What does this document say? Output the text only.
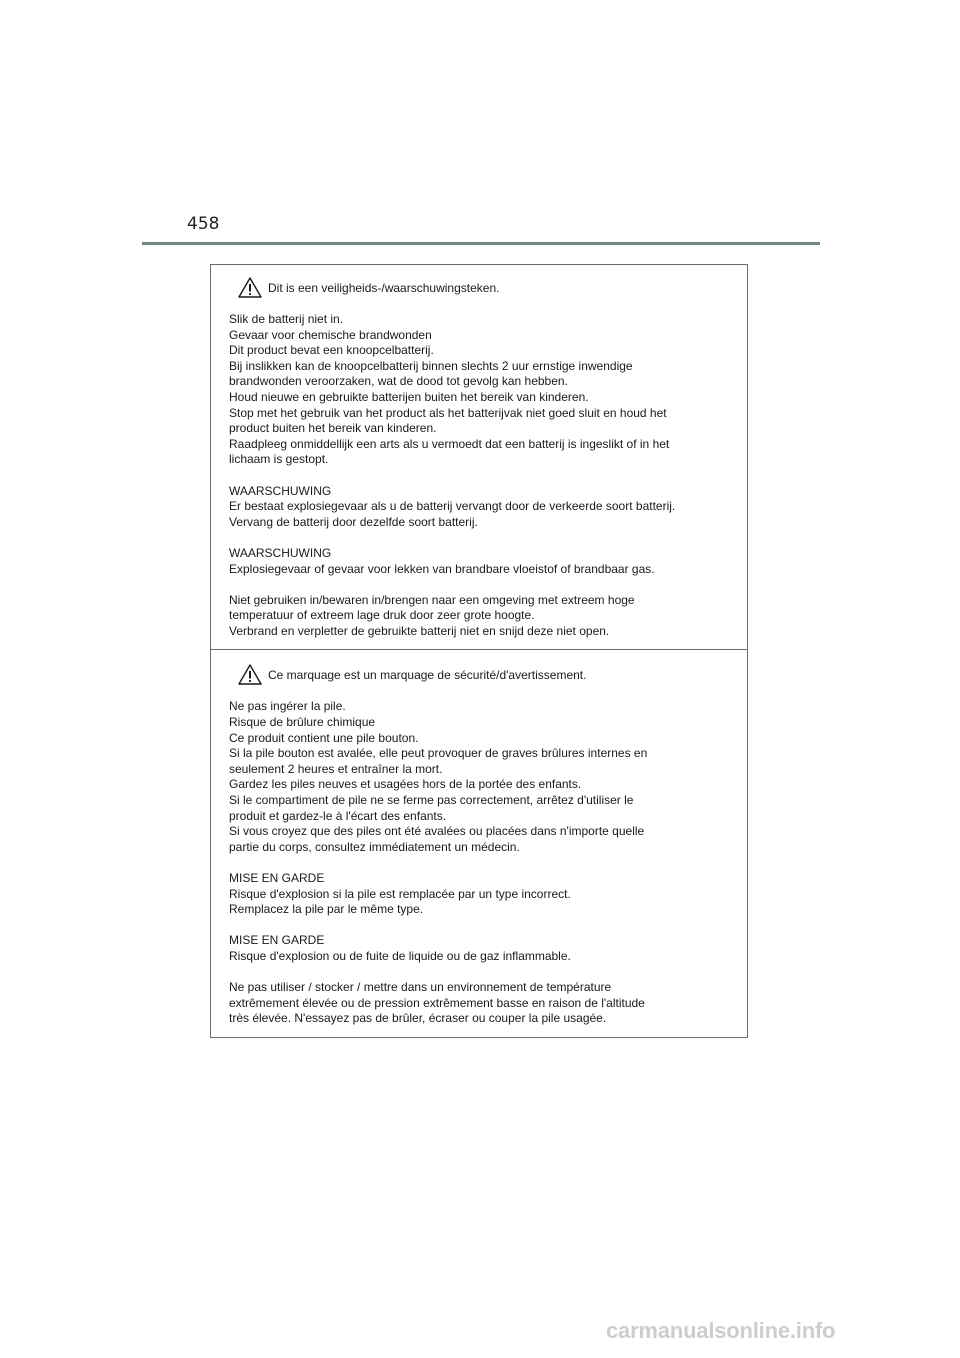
458
Dit is een veiligheids-/waarschuwingsteken.

Slik de batterij niet in.
Gevaar voor chemische brandwonden
Dit product bevat een knoopcelbatterij.
Bij inslikken kan de knoopcelbatterij binnen slechts 2 uur ernstige inwendige
brandwonden veroorzaken, wat de dood tot gevolg kan hebben.
Houd nieuwe en gebruikte batterijen buiten het bereik van kinderen.
Stop met het gebruik van het product als het batterijvak niet goed sluit en houd het
product buiten het bereik van kinderen.
Raadpleeg onmiddellijk een arts als u vermoedt dat een batterij is ingeslikt of in het
lichaam is gestopt.

WAARSCHUWING
Er bestaat explosiegevaar als u de batterij vervangt door de verkeerde soort batterij.
Vervang de batterij door dezelfde soort batterij.

WAARSCHUWING
Explosiegevaar of gevaar voor lekken van brandbare vloeistof of brandbaar gas.

Niet gebruiken in/bewaren in/brengen naar een omgeving met extreem hoge
temperatuur of extreem lage druk door zeer grote hoogte.
Verbrand en verpletter de gebruikte batterij niet en snijd deze niet open.

Ce marquage est un marquage de sécurité/d'avertissement.

Ne pas ingérer la pile.
Risque de brûlure chimique
Ce produit contient une pile bouton.
Si la pile bouton est avalée, elle peut provoquer de graves brûlures internes en
seulement 2 heures et entraîner la mort.
Gardez les piles neuves et usagées hors de la portée des enfants.
Si le compartiment de pile ne se ferme pas correctement, arrêtez d'utiliser le
produit et gardez-le à l'écart des enfants.
Si vous croyez que des piles ont été avalées ou placées dans n'importe quelle
partie du corps, consultez immédiatement un médecin.

MISE EN GARDE
Risque d'explosion si la pile est remplacée par un type incorrect.
Remplacez la pile par le même type.

MISE EN GARDE
Risque d'explosion ou de fuite de liquide ou de gaz inflammable.

Ne pas utiliser / stocker / mettre dans un environnement de température
extrêmement élevée ou de pression extrêmement basse en raison de l'altitude
très élevée. N'essayez pas de brûler, écraser ou couper la pile usagée.

carmanualsonline.info
